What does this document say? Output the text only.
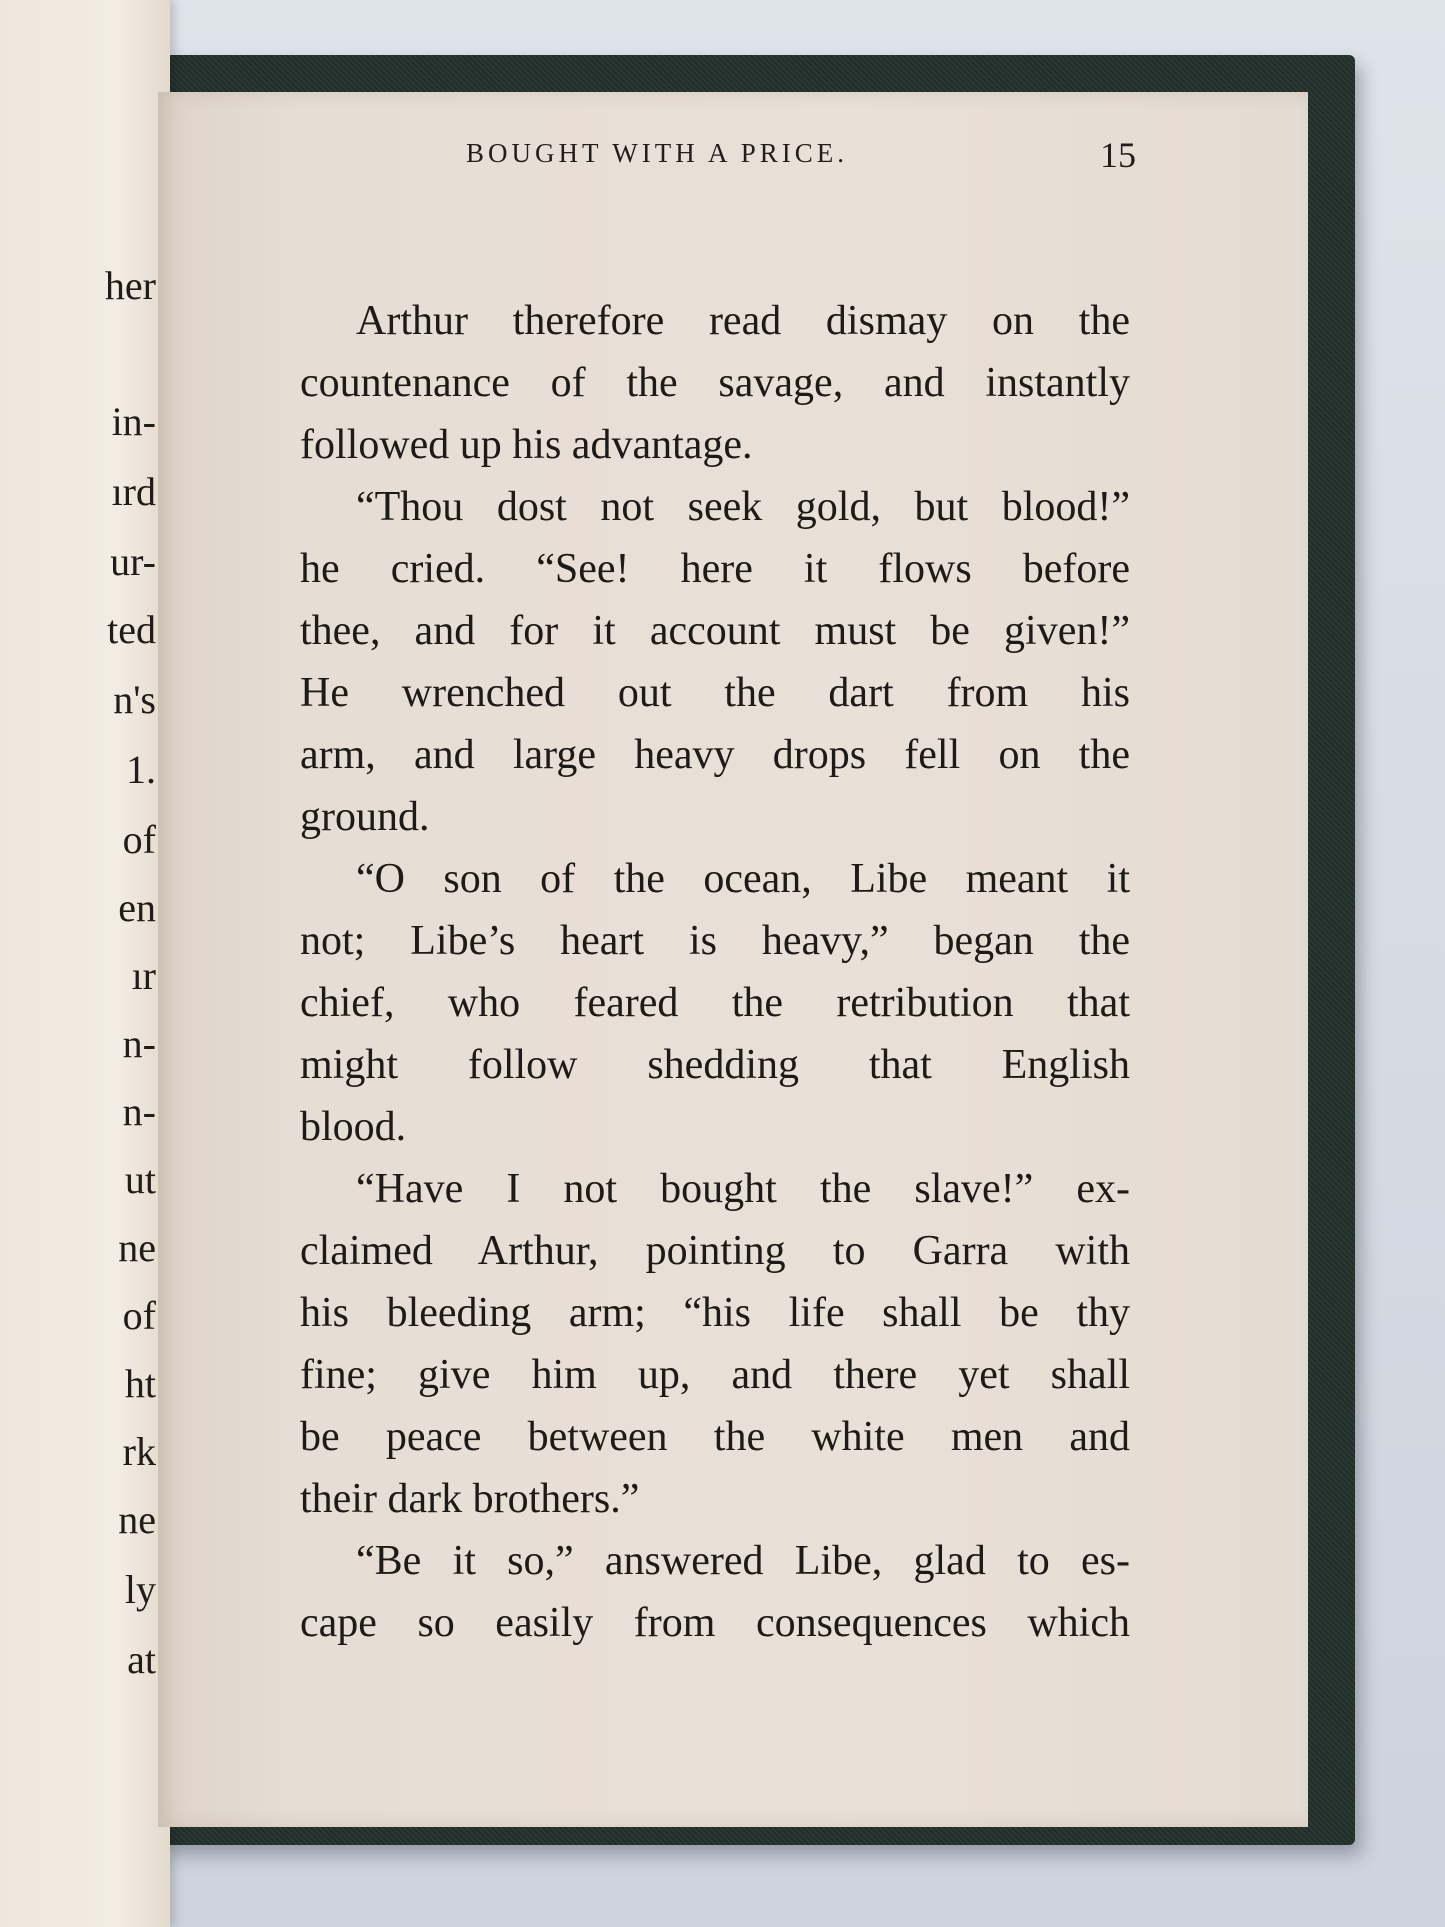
her
in-
ırd
ur-
ted
n's
1.
of
en
ır
n-
n-
ut
ne
of
ht
rk
ne
ly
at
BOUGHT WITH A PRICE.	15
Arthur therefore read dismay on the
countenance of the savage, and instantly
followed up his advantage.
“Thou dost not seek gold, but blood!”
he cried. “See! here it flows before
thee, and for it account must be given!”
He wrenched out the dart from his
arm, and large heavy drops fell on the
ground.
“O son of the ocean, Libe meant it
not; Libe’s heart is heavy,” began the
chief, who feared the retribution that
might follow shedding that English
blood.
“Have I not bought the slave!” ex-
claimed Arthur, pointing to Garra with
his bleeding arm; “his life shall be thy
fine; give him up, and there yet shall
be peace between the white men and
their dark brothers.”
“Be it so,” answered Libe, glad to es-
cape so easily from consequences which
